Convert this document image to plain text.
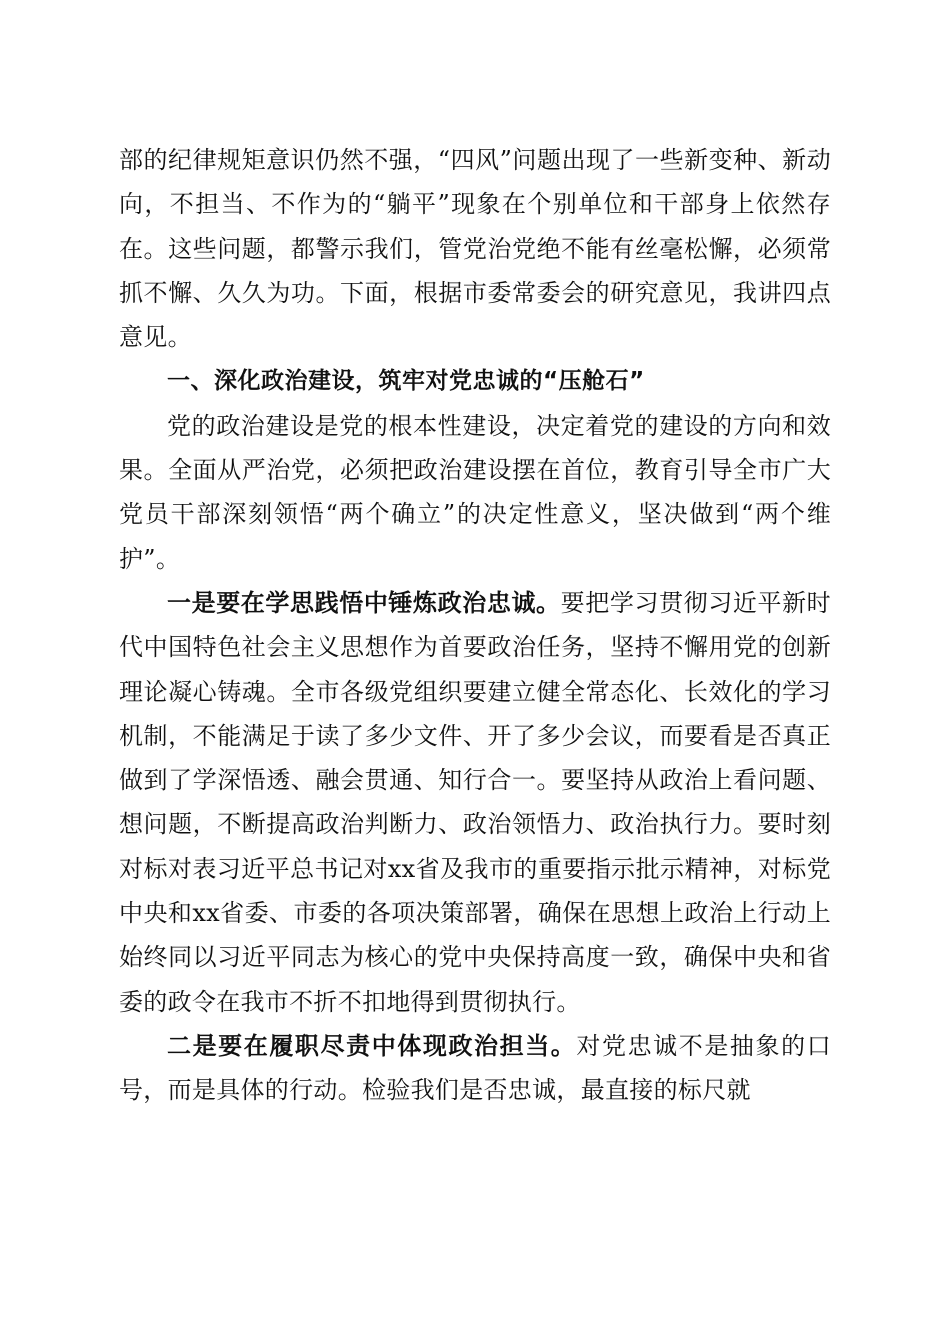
部的纪律规矩意识仍然不强，“四风”问题出现了一些新变种、新动向，不担当、不作为的“躺平”现象在个别单位和干部身上依然存在。这些问题，都警示我们，管党治党绝不能有丝毫松懈，必须常抓不懈、久久为功。下面，根据市委常委会的研究意见，我讲四点意见。

一、深化政治建设，筑牢对党忠诚的“压舱石”

党的政治建设是党的根本性建设，决定着党的建设的方向和效果。全面从严治党，必须把政治建设摆在首位，教育引导全市广大党员干部深刻领悟“两个确立”的决定性意义，坚决做到“两个维护”。

一是要在学思践悟中锤炼政治忠诚。要把学习贯彻习近平新时代中国特色社会主义思想作为首要政治任务，坚持不懈用党的创新理论凝心铸魂。全市各级党组织要建立健全常态化、长效化的学习机制，不能满足于读了多少文件、开了多少会议，而要看是否真正做到了学深悟透、融会贯通、知行合一。要坚持从政治上看问题、想问题，不断提高政治判断力、政治领悟力、政治执行力。要时刻对标对表习近平总书记对xx省及我市的重要指示批示精神，对标党中央和xx省委、市委的各项决策部署，确保在思想上政治上行动上始终同以习近平同志为核心的党中央保持高度一致，确保中央和省委的政令在我市不折不扣地得到贯彻执行。

二是要在履职尽责中体现政治担当。对党忠诚不是抽象的口号，而是具体的行动。检验我们是否忠诚，最直接的标尺就
